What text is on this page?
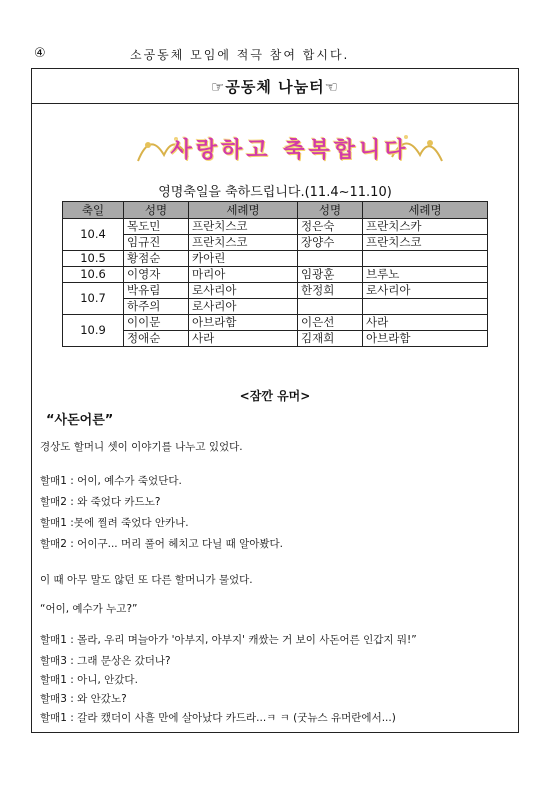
④	소공동체 모임에 적극 참여 합시다.
☞공동체 나눔터☜
사랑하고 축복합니다
영명축일을 축하드립니다.(11.4~11.10)
축일	성명	세례명	성명	세례명
10.4	목도민	프란치스코	정은숙	프란치스카
	임규진	프란치스코	장양수	프란치스코
10.5	황점순	카아린		
10.6	이영자	마리아	임광훈	브루노
10.7	박유림	로사리아	한정희	로사리아
	하주의	로사리아		
10.9	이이문	아브라함	이은선	사라
	정애순	사라	김재희	아브라함
<잠깐 유머>
“사돈어른”
경상도 할머니 셋이 이야기를 나누고 있었다.
할매1 : 어이, 예수가 죽었단다.
할매2 : 와 죽었다 카드노?
할매1 :못에 찔려 죽었다 안카나.
할매2 : 어이구... 머리 풀어 헤치고 다닐 때 알아봤다.
이 때 아무 말도 않던 또 다른 할머니가 물었다.
“어이, 예수가 누고?”
할매1 : 몰라, 우리 며늘아가 '아부지, 아부지' 캐쌌는 거 보이 사돈어른 인갑지 뭐!”
할매3 : 그래 문상은 갔더나?
할매1 : 아니, 안갔다.
할매3 : 와 안갔노?
할매1 : 갈라 캤더이 사흘 만에 살아났다 카드라...ㅋ ㅋ (굿뉴스 유머란에서...)
